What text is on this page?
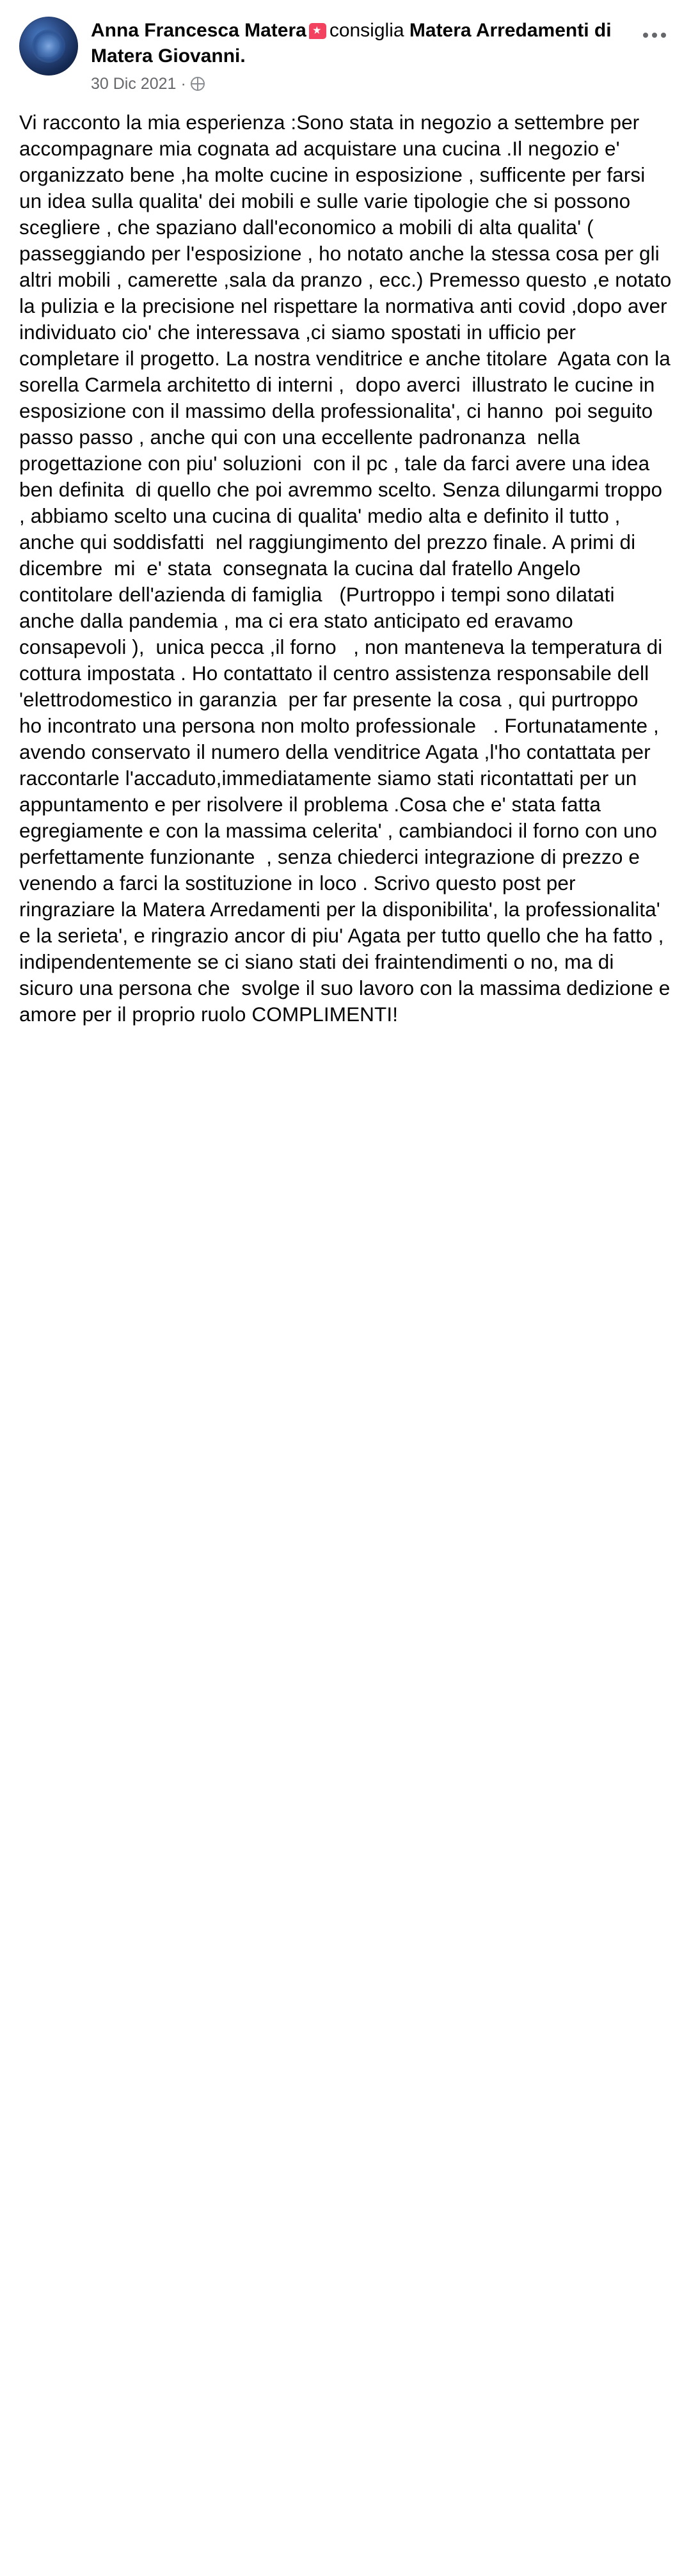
Anna Francesca Matera consiglia Matera Arredamenti di Matera Giovanni.
30 Dic 2021 ·
Vi racconto la mia esperienza :Sono stata in negozio a settembre per accompagnare mia cognata ad acquistare una cucina .Il negozio e' organizzato bene ,ha molte cucine in esposizione , sufficente per farsi un idea sulla qualita' dei mobili e sulle varie tipologie che si possono scegliere , che spaziano dall'economico a mobili di alta qualita' ( passeggiando per l'esposizione , ho notato anche la stessa cosa per gli altri mobili , camerette ,sala da pranzo , ecc.) Premesso questo ,e notato la pulizia e la precisione nel rispettare la normativa anti covid ,dopo aver individuato cio' che interessava ,ci siamo spostati in ufficio per completare il progetto. La nostra venditrice e anche titolare  Agata con la sorella Carmela architetto di interni ,  dopo averci  illustrato le cucine in esposizione con il massimo della professionalita', ci hanno  poi seguito passo passo , anche qui con una eccellente padronanza  nella progettazione con piu' soluzioni  con il pc , tale da farci avere una idea ben definita  di quello che poi avremmo scelto. Senza dilungarmi troppo , abbiamo scelto una cucina di qualita' medio alta e definito il tutto , anche qui soddisfatti  nel raggiungimento del prezzo finale. A primi di dicembre  mi  e' stata  consegnata la cucina dal fratello Angelo contitolare dell'azienda di famiglia   (Purtroppo i tempi sono dilatati anche dalla pandemia , ma ci era stato anticipato ed eravamo consapevoli ),  unica pecca ,il forno   , non manteneva la temperatura di cottura impostata . Ho contattato il centro assistenza responsabile dell 'elettrodomestico in garanzia  per far presente la cosa , qui purtroppo  ho incontrato una persona non molto professionale   . Fortunatamente , avendo conservato il numero della venditrice Agata ,l'ho contattata per raccontarle l'accaduto,immediatamente siamo stati ricontattati per un appuntamento e per risolvere il problema .Cosa che e' stata fatta egregiamente e con la massima celerita' , cambiandoci il forno con uno perfettamente funzionante  , senza chiederci integrazione di prezzo e venendo a farci la sostituzione in loco . Scrivo questo post per ringraziare la Matera Arredamenti per la disponibilita', la professionalita' e la serieta', e ringrazio ancor di piu' Agata per tutto quello che ha fatto , indipendentemente se ci siano stati dei fraintendimenti o no, ma di sicuro una persona che  svolge il suo lavoro con la massima dedizione e amore per il proprio ruolo COMPLIMENTI!
